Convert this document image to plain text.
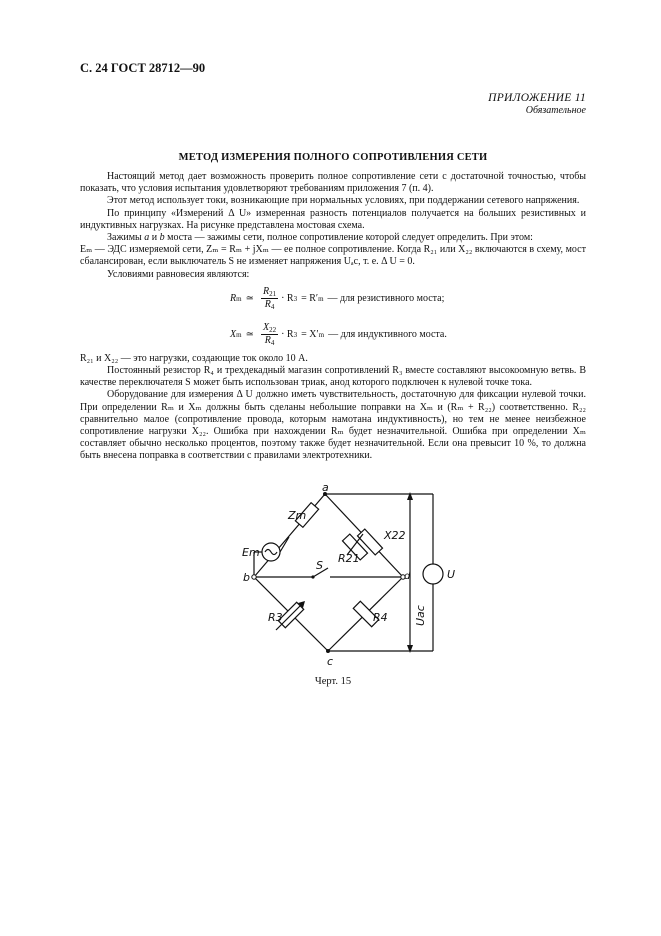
С. 24 ГОСТ 28712—90
ПРИЛОЖЕНИЕ 11
Обязательное
МЕТОД ИЗМЕРЕНИЯ ПОЛНОГО СОПРОТИВЛЕНИЯ СЕТИ

Настоящий метод дает возможность проверить полное сопротивление сети с достаточной точностью, чтобы показать, что условия испытания удовлетворяют требованиям приложения 7 (п. 4).

Этот метод использует токи, возникающие при нормальных условиях, при поддержании сетевого напряжения.

По принципу «Измерений Δ U» измеренная разность потенциалов получается на больших резистивных и индуктивных нагрузках. На рисунке представлена мостовая схема.

Зажимы a и b моста — зажимы сети, полное сопротивление которой следует определить. При этом:

Eₘ — ЭДС измеряемой сети, Zₘ = Rₘ + jXₘ — ее полное сопротивление. Когда R₂₁ или X₂₂ включаются в схему, мост сбалансирован, если выключатель S не изменяет напряжения Uₐc, т. е. Δ U = 0.

Условиями равновесия являются:

R m ≃ $\frac{R_{21}}{R_4} \cdot R$ 3 = R′ m — для резистивного моста;
X m ≃ $\frac{X_{22}}{R_4} \cdot R$ 3 = X′ m — для индуктивного моста.

R₂₁ и X₂₂ — это нагрузки, создающие ток около 10 А.

Постоянный резистор R₄ и трехдекадный магазин сопротивлений R₃ вместе составляют высокоомную ветвь. В качестве переключателя S может быть использован триак, анод которого подключен к нулевой точке тока.

Оборудование для измерения Δ U должно иметь чувствительность, достаточную для фиксации нулевой точки. При определении Rₘ и Xₘ должны быть сделаны небольшие поправки на Xₘ и (Rₘ + R₂₂) соответственно. R₂₂ сравнительно малое (сопротивление провода, которым намотана индуктивность), но тем не менее неизбежное сопротивление нагрузки X₂₂. Ошибка при нахождении Rₘ будет незначительной. Ошибка при определении Xₘ составляет обычно несколько процентов, поэтому также будет незначительной. Если она превысит 10 %, то должна быть внесена поправка в соответствии с правилами электротехники.

a
b
c
d
Zm
Em
X22
R21
S
R3	R4
U
Uac
Черт. 15
